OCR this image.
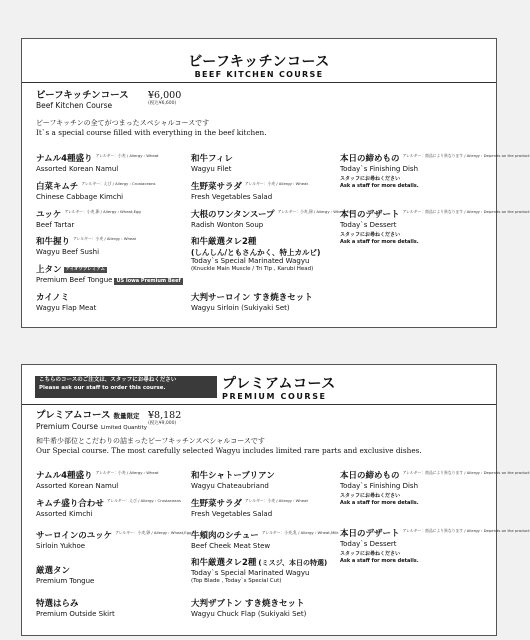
ビーフキッチンコース
BEEF KITCHEN COURSE
ビーフキッチンコース
Beef Kitchen Course
¥6,000
(税込¥6,600)
ビーフキッチンの全てがつまったスペシャルコースです
It`s a special course filled with everything in the beef kitchen.
ナムル4種盛り アレルギー：小麦 / Allergy : Wheat
Assorted Korean Namul
白菜キムチ アレルギー：えび / Allergy : Crustaceans
Chinese Cabbage Kimchi
ユッケ アレルギー：小麦,卵 / Allergy : Wheat,Egg
Beef Tartar
和牛握り アレルギー：小麦 / Allergy : Wheat
Wagyu Beef Sushi
上タン アイオワプレミアム
Premium Beef Tongue US Iowa Premium Beef
カイノミ
Wagyu Flap Meat
和牛フィレ
Wagyu Filet
生野菜サラダ アレルギー：小麦 / Allergy : Wheat
Fresh Vegetables Salad
大根のワンタンスープ アレルギー：小麦,卵 / Allergy : Wheat,Egg
Radish Wonton Soup
和牛厳選タレ2種
(しんしん/ともさんかく、特上カルビ)
Today`s Special Marinated Wagyu
(Knuckle Main Muscle / Tri Tip , Karubi Head)
大判サーロイン すき焼きセット
Wagyu Sirloin (Sukiyaki Set)
本日の締めもの アレルギー：商品により異なります / Allergy : Depends on the product
Today`s Finishing Dish
スタッフにお尋ねください
Ask a staff for more details.
本日のデザート アレルギー：商品により異なります / Allergy : Depends on the product
Today`s Dessert
スタッフにお尋ねください
Ask a staff for more details.
こちらのコースのご注文は、スタッフにお尋ねください
Please ask our staff to order this course.	プレミアムコース
PREMIUM COURSE
プレミアムコース 数量限定
Premium Course Limited Quantity
¥8,182
(税込¥9,000)
和牛希少部位とこだわりの詰まったビーフキッチンスペシャルコースです
Our Special course. The most carefully selected Wagyu includes limited rare parts and exclusive dishes.
ナムル4種盛り アレルギー：小麦 / Allergy : Wheat
Assorted Korean Namul
キムチ盛り合わせ アレルギー：えび / Allergy : Crustaceans
Assorted Kimchi
サーロインのユッケ アレルギー：小麦,卵 / Allergy : Wheat,Egg
Sirloin Yukhoe
厳選タン
Premium Tongue
特選はらみ
Premium Outside Skirt
和牛シャトーブリアン
Wagyu Chateaubriand
生野菜サラダ アレルギー：小麦 / Allergy : Wheat
Fresh Vegetables Salad
牛頬肉のシチュー アレルギー：小麦,乳 / Allergy : Wheat,Milk
Beef Cheek Meat Stew
和牛厳選タレ2種 (ミスジ、本日の特選)
Today`s Special Marinated Wagyu
(Top Blade , Today`s Special Cut)
大判ザブトン すき焼きセット
Wagyu Chuck Flap (Sukiyaki Set)
本日の締めもの アレルギー：商品により異なります / Allergy : Depends on the product
Today`s Finishing Dish
スタッフにお尋ねください
Ask a staff for more details.
本日のデザート アレルギー：商品により異なります / Allergy : Depends on the product
Today`s Dessert
スタッフにお尋ねください
Ask a staff for more details.
